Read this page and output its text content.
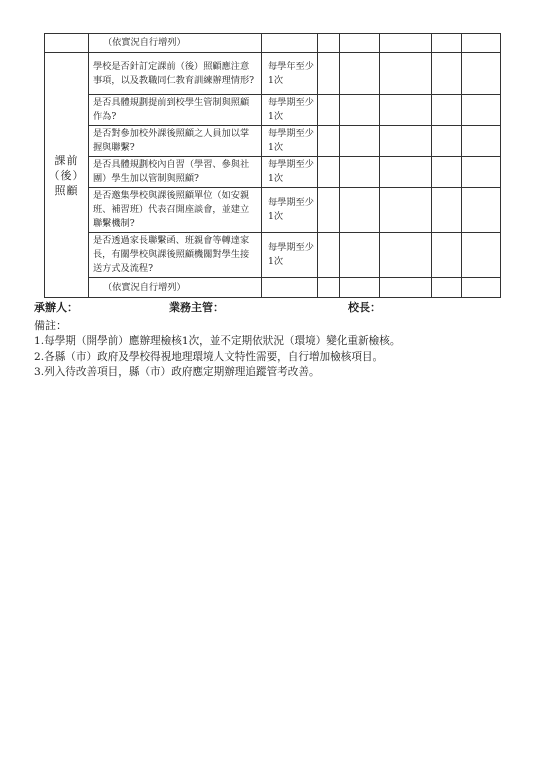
	（依實況自行增列）						

課前
（後）
照顧	學校是否針訂定課前（後）照顧應注意事項，以及教職同仁教育訓練辦理情形?	每學年至少1次					
	是否具體規劃提前到校學生管制與照顧作為?	每學期至少1次					
	是否對參加校外課後照顧之人員加以掌握與聯繫?	每學期至少1次					
	是否具體規劃校內自習（學習、參與社團）學生加以管制與照顧?	每學期至少1次					
	是否邀集學校與課後照顧單位（如安親班、補習班）代表召開座談會，並建立聯繫機制?	每學期至少1次					
	是否透過家長聯繫函、班親會等轉達家長，有關學校與課後照顧機關對學生接送方式及流程?	每學期至少1次					
	（依實況自行增列）						
承辦人：	業務主管：	校長：
備註：
1.每學期（開學前）應辦理檢核1次，並不定期依狀況（環境）變化重新檢核。
2.各縣（市）政府及學校得視地理環境人文特性需要，自行增加檢核項目。
3.列入待改善項目，縣（市）政府應定期辦理追蹤管考改善。
